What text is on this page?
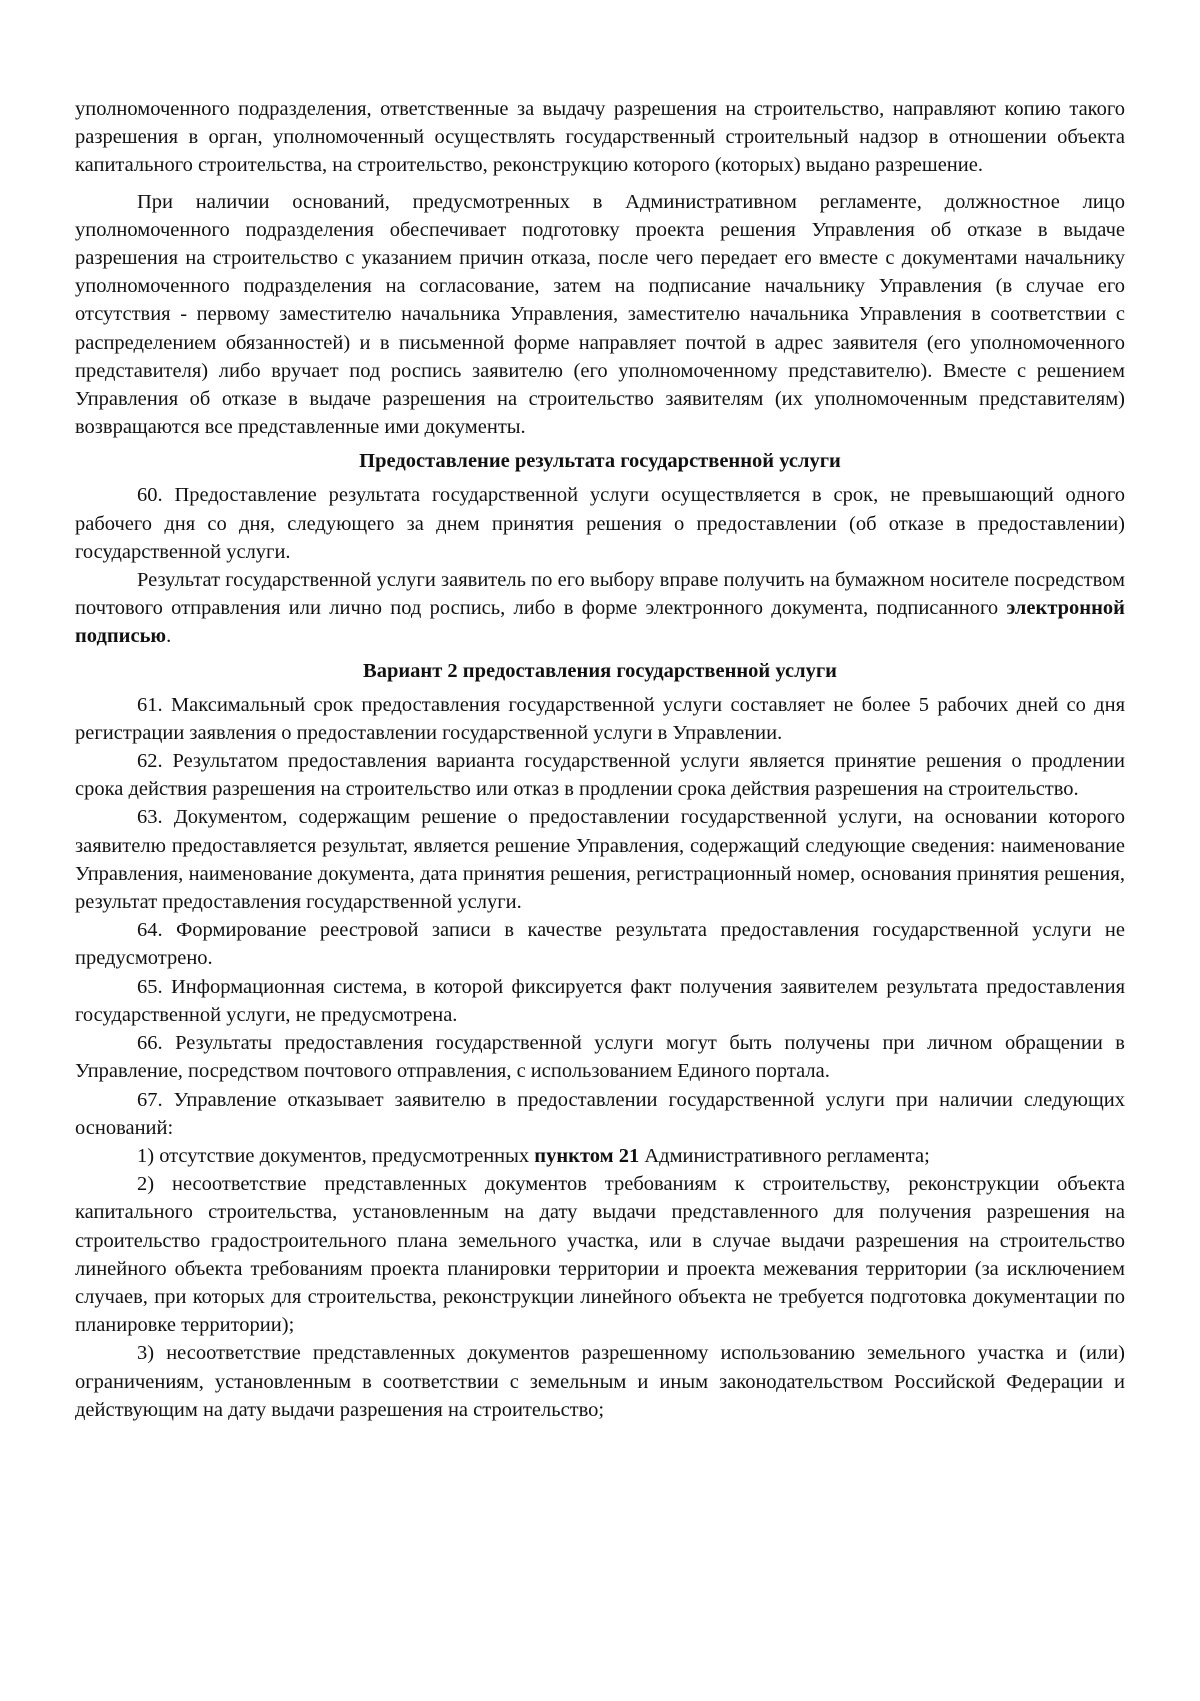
уполномоченного подразделения, ответственные за выдачу разрешения на строительство, направляют копию такого разрешения в орган, уполномоченный осуществлять государственный строительный надзор в отношении объекта капитального строительства, на строительство, реконструкцию которого (которых) выдано разрешение.

При наличии оснований, предусмотренных в Административном регламенте, должностное лицо уполномоченного подразделения обеспечивает подготовку проекта решения Управления об отказе в выдаче разрешения на строительство с указанием причин отказа, после чего передает его вместе с документами начальнику уполномоченного подразделения на согласование, затем на подписание начальнику Управления (в случае его отсутствия - первому заместителю начальника Управления, заместителю начальника Управления в соответствии с распределением обязанностей) и в письменной форме направляет почтой в адрес заявителя (его уполномоченного представителя) либо вручает под роспись заявителю (его уполномоченному представителю). Вместе с решением Управления об отказе в выдаче разрешения на строительство заявителям (их уполномоченным представителям) возвращаются все представленные ими документы.

Предоставление результата государственной услуги

60. Предоставление результата государственной услуги осуществляется в срок, не превышающий одного рабочего дня со дня, следующего за днем принятия решения о предоставлении (об отказе в предоставлении) государственной услуги.

Результат государственной услуги заявитель по его выбору вправе получить на бумажном носителе посредством почтового отправления или лично под роспись, либо в форме электронного документа, подписанного электронной подписью.

Вариант 2 предоставления государственной услуги

61. Максимальный срок предоставления государственной услуги составляет не более 5 рабочих дней со дня регистрации заявления о предоставлении государственной услуги в Управлении.

62. Результатом предоставления варианта государственной услуги является принятие решения о продлении срока действия разрешения на строительство или отказ в продлении срока действия разрешения на строительство.

63. Документом, содержащим решение о предоставлении государственной услуги, на основании которого заявителю предоставляется результат, является решение Управления, содержащий следующие сведения: наименование Управления, наименование документа, дата принятия решения, регистрационный номер, основания принятия решения, результат предоставления государственной услуги.

64. Формирование реестровой записи в качестве результата предоставления государственной услуги не предусмотрено.

65. Информационная система, в которой фиксируется факт получения заявителем результата предоставления государственной услуги, не предусмотрена.

66. Результаты предоставления государственной услуги могут быть получены при личном обращении в Управление, посредством почтового отправления, с использованием Единого портала.

67. Управление отказывает заявителю в предоставлении государственной услуги при наличии следующих оснований:

1) отсутствие документов, предусмотренных пунктом 21 Административного регламента;

2) несоответствие представленных документов требованиям к строительству, реконструкции объекта капитального строительства, установленным на дату выдачи представленного для получения разрешения на строительство градостроительного плана земельного участка, или в случае выдачи разрешения на строительство линейного объекта требованиям проекта планировки территории и проекта межевания территории (за исключением случаев, при которых для строительства, реконструкции линейного объекта не требуется подготовка документации по планировке территории);

3) несоответствие представленных документов разрешенному использованию земельного участка и (или) ограничениям, установленным в соответствии с земельным и иным законодательством Российской Федерации и действующим на дату выдачи разрешения на строительство;
